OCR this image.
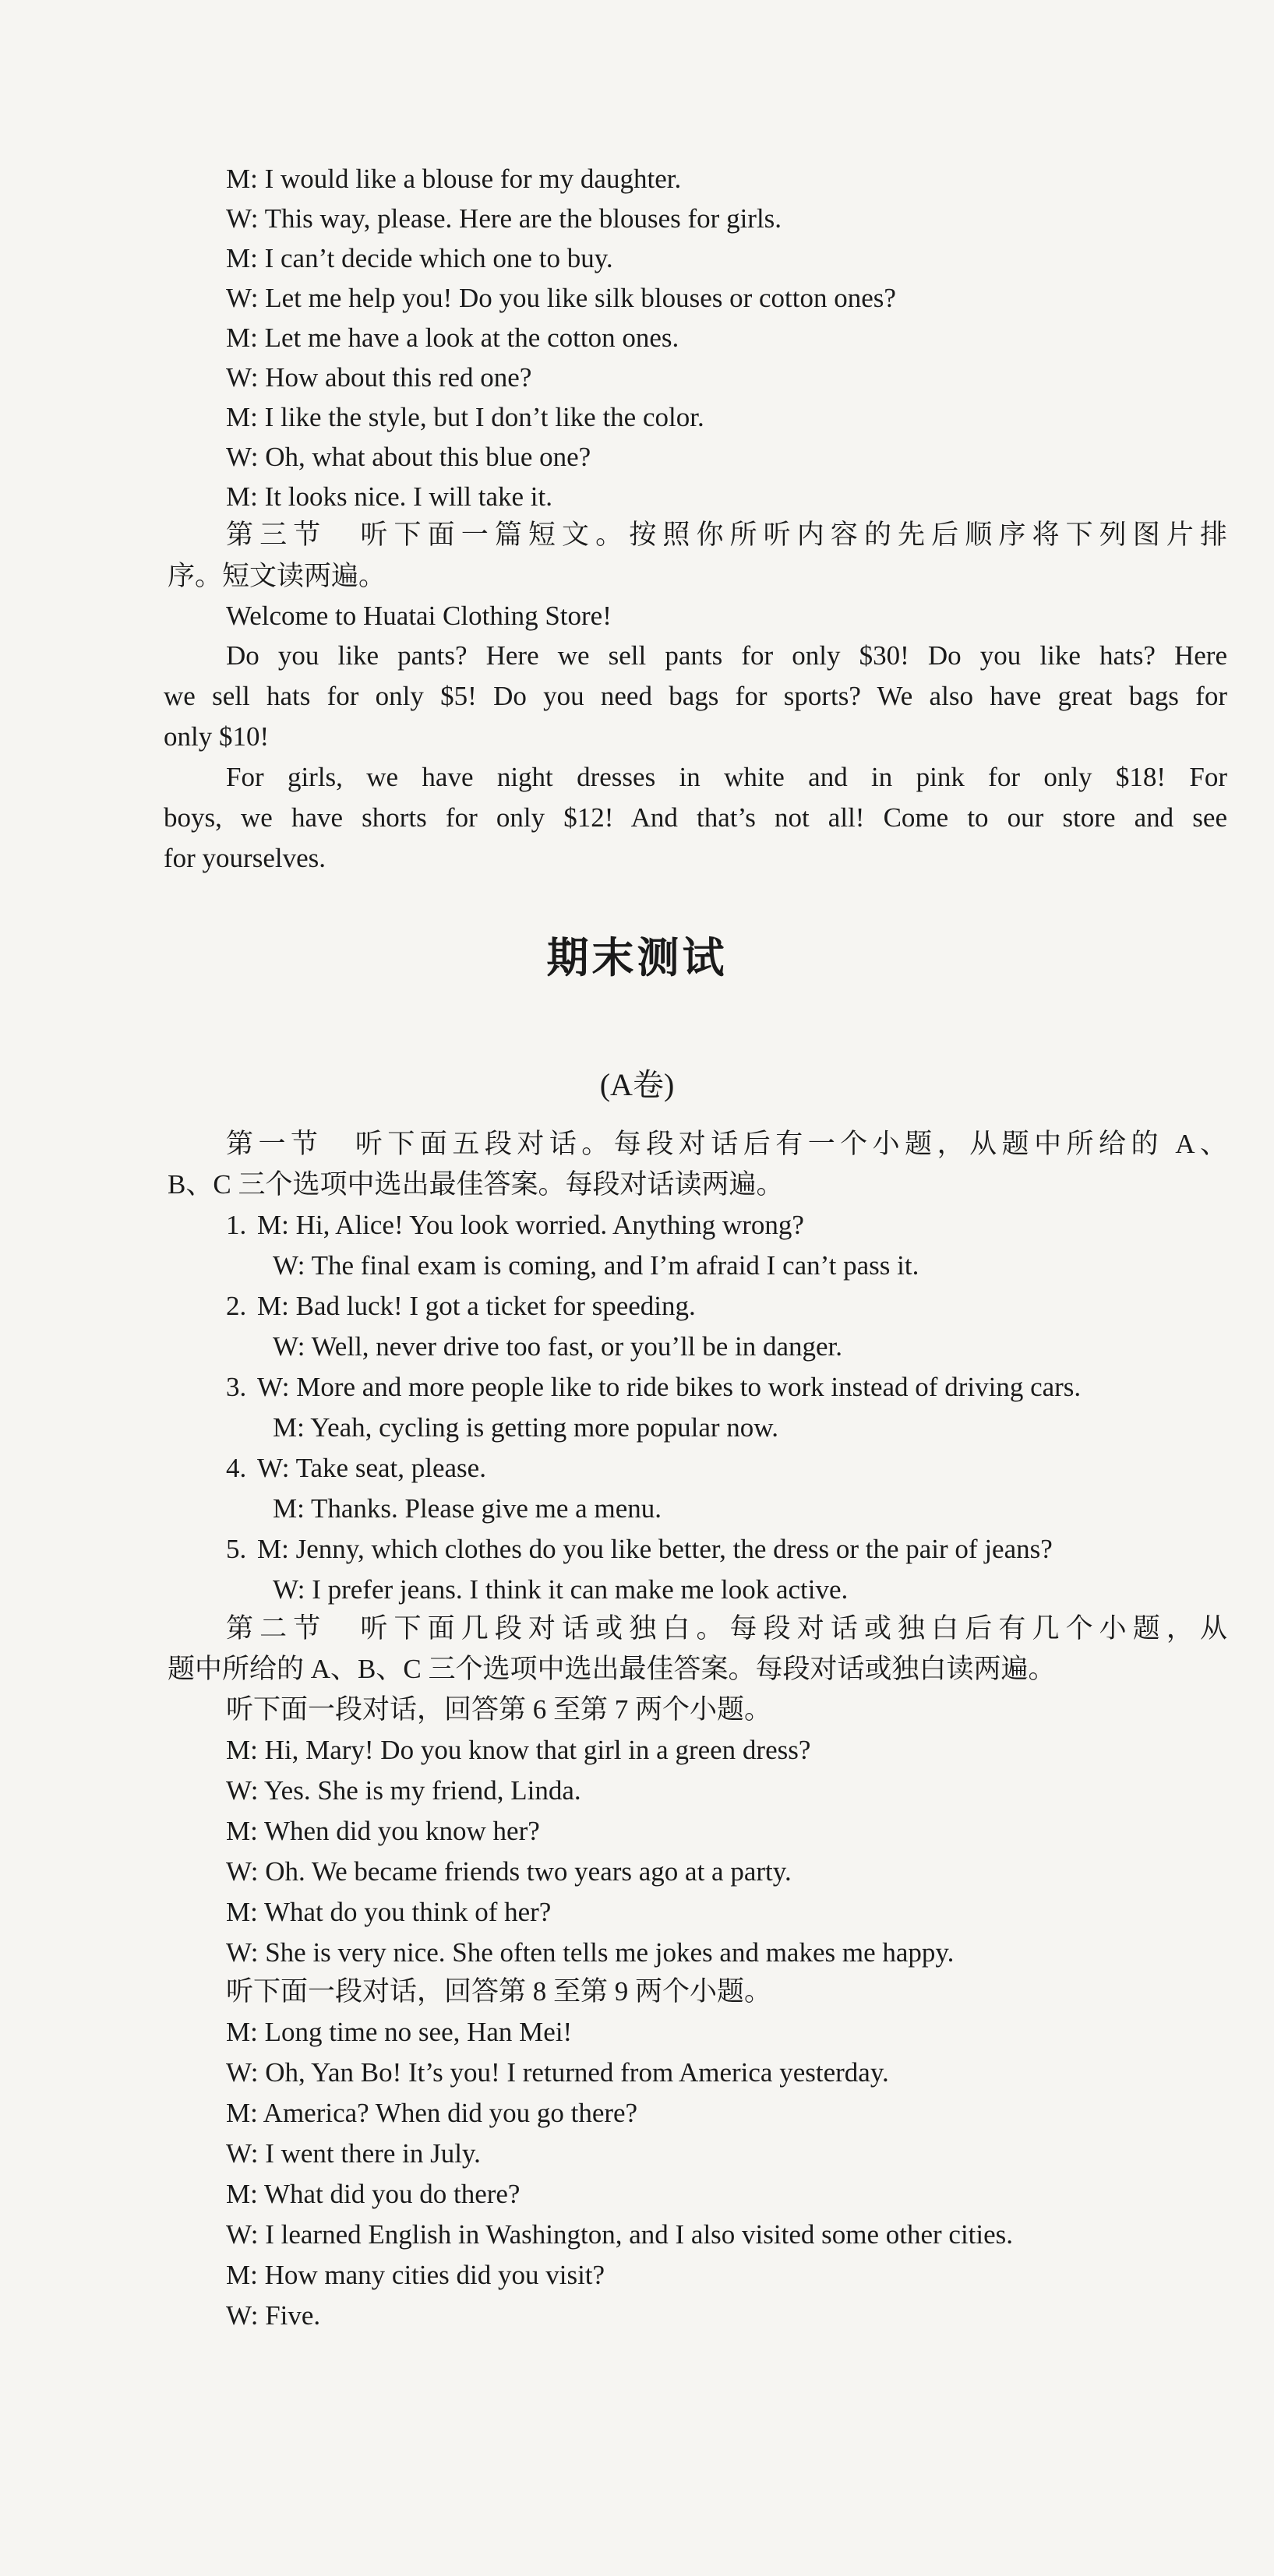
M: I would like a blouse for my daughter.
W: This way, please. Here are the blouses for girls.
M: I can’t decide which one to buy.
W: Let me help you! Do you like silk blouses or cotton ones?
M: Let me have a look at the cotton ones.
W: How about this red one?
M: I like the style, but I don’t like the color.
W: Oh, what about this blue one?
M: It looks nice. I will take it.
第三节　听下面一篇短文。按照你所听内容的先后顺序将下列图片排
序。短文读两遍。
Welcome to Huatai Clothing Store!
Do you like pants? Here we sell pants for only $30! Do you like hats? Here
we sell hats for only $5! Do you need bags for sports? We also have great bags for
only $10!
For girls, we have night dresses in white and in pink for only $18! For
boys, we have shorts for only $12! And that’s not all! Come to our store and see
for yourselves.
期末测试
(A卷)
第一节　听下面五段对话。每段对话后有一个小题，从题中所给的 A、
B、C 三个选项中选出最佳答案。每段对话读两遍。
1. M: Hi, Alice! You look worried. Anything wrong?
W: The final exam is coming, and I’m afraid I can’t pass it.
2. M: Bad luck! I got a ticket for speeding.
W: Well, never drive too fast, or you’ll be in danger.
3. W: More and more people like to ride bikes to work instead of driving cars.
M: Yeah, cycling is getting more popular now.
4. W: Take seat, please.
M: Thanks. Please give me a menu.
5. M: Jenny, which clothes do you like better, the dress or the pair of jeans?
W: I prefer jeans. I think it can make me look active.
第二节　听下面几段对话或独白。每段对话或独白后有几个小题，从
题中所给的 A、B、C 三个选项中选出最佳答案。每段对话或独白读两遍。
听下面一段对话，回答第 6 至第 7 两个小题。
M: Hi, Mary! Do you know that girl in a green dress?
W: Yes. She is my friend, Linda.
M: When did you know her?
W: Oh. We became friends two years ago at a party.
M: What do you think of her?
W: She is very nice. She often tells me jokes and makes me happy.
听下面一段对话，回答第 8 至第 9 两个小题。
M: Long time no see, Han Mei!
W: Oh, Yan Bo! It’s you! I returned from America yesterday.
M: America? When did you go there?
W: I went there in July.
M: What did you do there?
W: I learned English in Washington, and I also visited some other cities.
M: How many cities did you visit?
W: Five.
